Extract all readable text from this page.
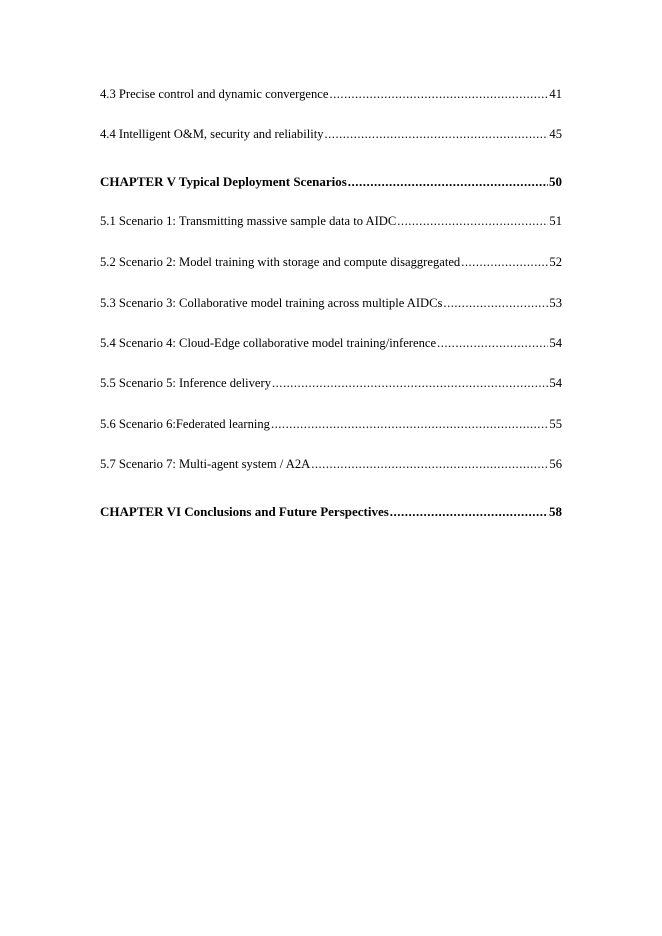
4.3 Precise control and dynamic convergence .....	41
4.4 Intelligent O&M, security and reliability .....	45
CHAPTER V Typical Deployment Scenarios .....	50
5.1 Scenario 1: Transmitting massive sample data to AIDC .....	51
5.2 Scenario 2: Model training with storage and compute disaggregated .....	52
5.3 Scenario 3: Collaborative model training across multiple AIDCs .....	53
5.4 Scenario 4: Cloud-Edge collaborative model training/inference .....	54
5.5 Scenario 5: Inference delivery .....	54
5.6 Scenario 6:Federated learning .....	55
5.7 Scenario 7: Multi-agent system / A2A .....	56
CHAPTER VI Conclusions and Future Perspectives .....	58
